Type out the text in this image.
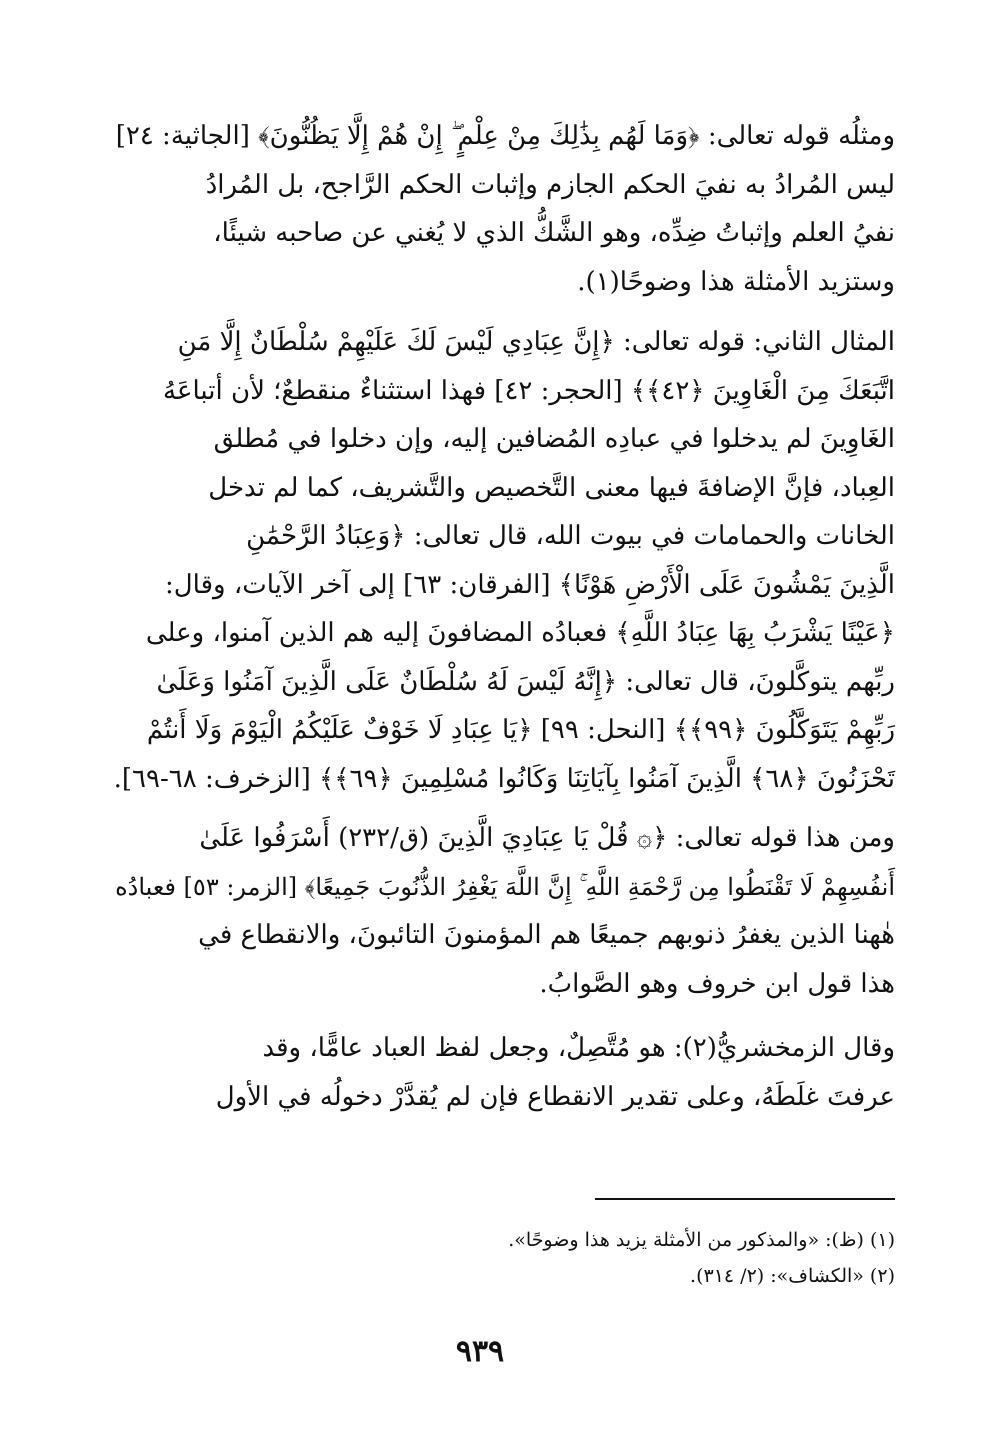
ومثلُه قوله تعالى: ﴿وَمَا لَهُم بِذَٰلِكَ مِنْ عِلْمٍ ۖ إِنْ هُمْ إِلَّا يَظُنُّونَ﴾ [الجاثية: ٢٤]
ليس المُرادُ به نفيَ الحكم الجازم وإثبات الحكم الرَّاجح، بل المُرادُ
نفيُ العلم وإثباتُ ضِدِّه، وهو الشَّكُّ الذي لا يُغني عن صاحبه شيئًا،
وستزيد الأمثلة هذا وضوحًا(١).

المثال الثاني: قوله تعالى: ﴿إِنَّ عِبَادِي لَيْسَ لَكَ عَلَيْهِمْ سُلْطَانٌ إِلَّا مَنِ
اتَّبَعَكَ مِنَ الْغَاوِينَ ﴿٤٢﴾﴾ [الحجر: ٤٢] فهذا استثناءٌ منقطعٌ؛ لأن أتباعَهُ
الغَاوِينَ لم يدخلوا في عبادِه المُضافين إليه، وإن دخلوا في مُطلق
العِباد، فإنَّ الإضافةَ فيها معنى التَّخصيص والتَّشريف، كما لم تدخل
الخانات والحمامات في بيوت الله، قال تعالى: ﴿وَعِبَادُ الرَّحْمَٰنِ
الَّذِينَ يَمْشُونَ عَلَى الْأَرْضِ هَوْنًا﴾ [الفرقان: ٦٣] إلى آخر الآيات، وقال:
﴿عَيْنًا يَشْرَبُ بِهَا عِبَادُ اللَّهِ﴾ فعبادُه المضافونَ إليه هم الذين آمنوا، وعلى
ربِّهم يتوكَّلونَ، قال تعالى: ﴿إِنَّهُ لَيْسَ لَهُ سُلْطَانٌ عَلَى الَّذِينَ آمَنُوا وَعَلَىٰ
رَبِّهِمْ يَتَوَكَّلُونَ ﴿٩٩﴾﴾ [النحل: ٩٩] ﴿يَا عِبَادِ لَا خَوْفٌ عَلَيْكُمُ الْيَوْمَ وَلَا أَنتُمْ
تَحْزَنُونَ ﴿٦٨﴾ الَّذِينَ آمَنُوا بِآيَاتِنَا وَكَانُوا مُسْلِمِينَ ﴿٦٩﴾﴾ [الزخرف: ٦٨-٦٩].

ومن هذا قوله تعالى: ﴿۞ قُلْ يَا عِبَادِيَ الَّذِينَ (ق/٢٣٢) أَسْرَفُوا عَلَىٰ
أَنفُسِهِمْ لَا تَقْنَطُوا مِن رَّحْمَةِ اللَّهِ ۚ إِنَّ اللَّهَ يَغْفِرُ الذُّنُوبَ جَمِيعًا﴾ [الزمر: ٥٣] فعبادُه
هٰهنا الذين يغفرُ ذنوبهم جميعًا هم المؤمنونَ التائبونَ، والانقطاع في
هذا قول ابن خروف وهو الصَّوابُ.

وقال الزمخشريُّ(٢): هو مُتَّصِلٌ، وجعل لفظ العباد عامًّا، وقد
عرفتَ غلَطَهُ، وعلى تقدير الانقطاع فإن لم يُقدَّرْ دخولُه في الأول

(١) (ظ): «والمذكور من الأمثلة يزيد هذا وضوحًا».
(٢) «الكشاف»: (٢/ ٣١٤).
٩٣٩
